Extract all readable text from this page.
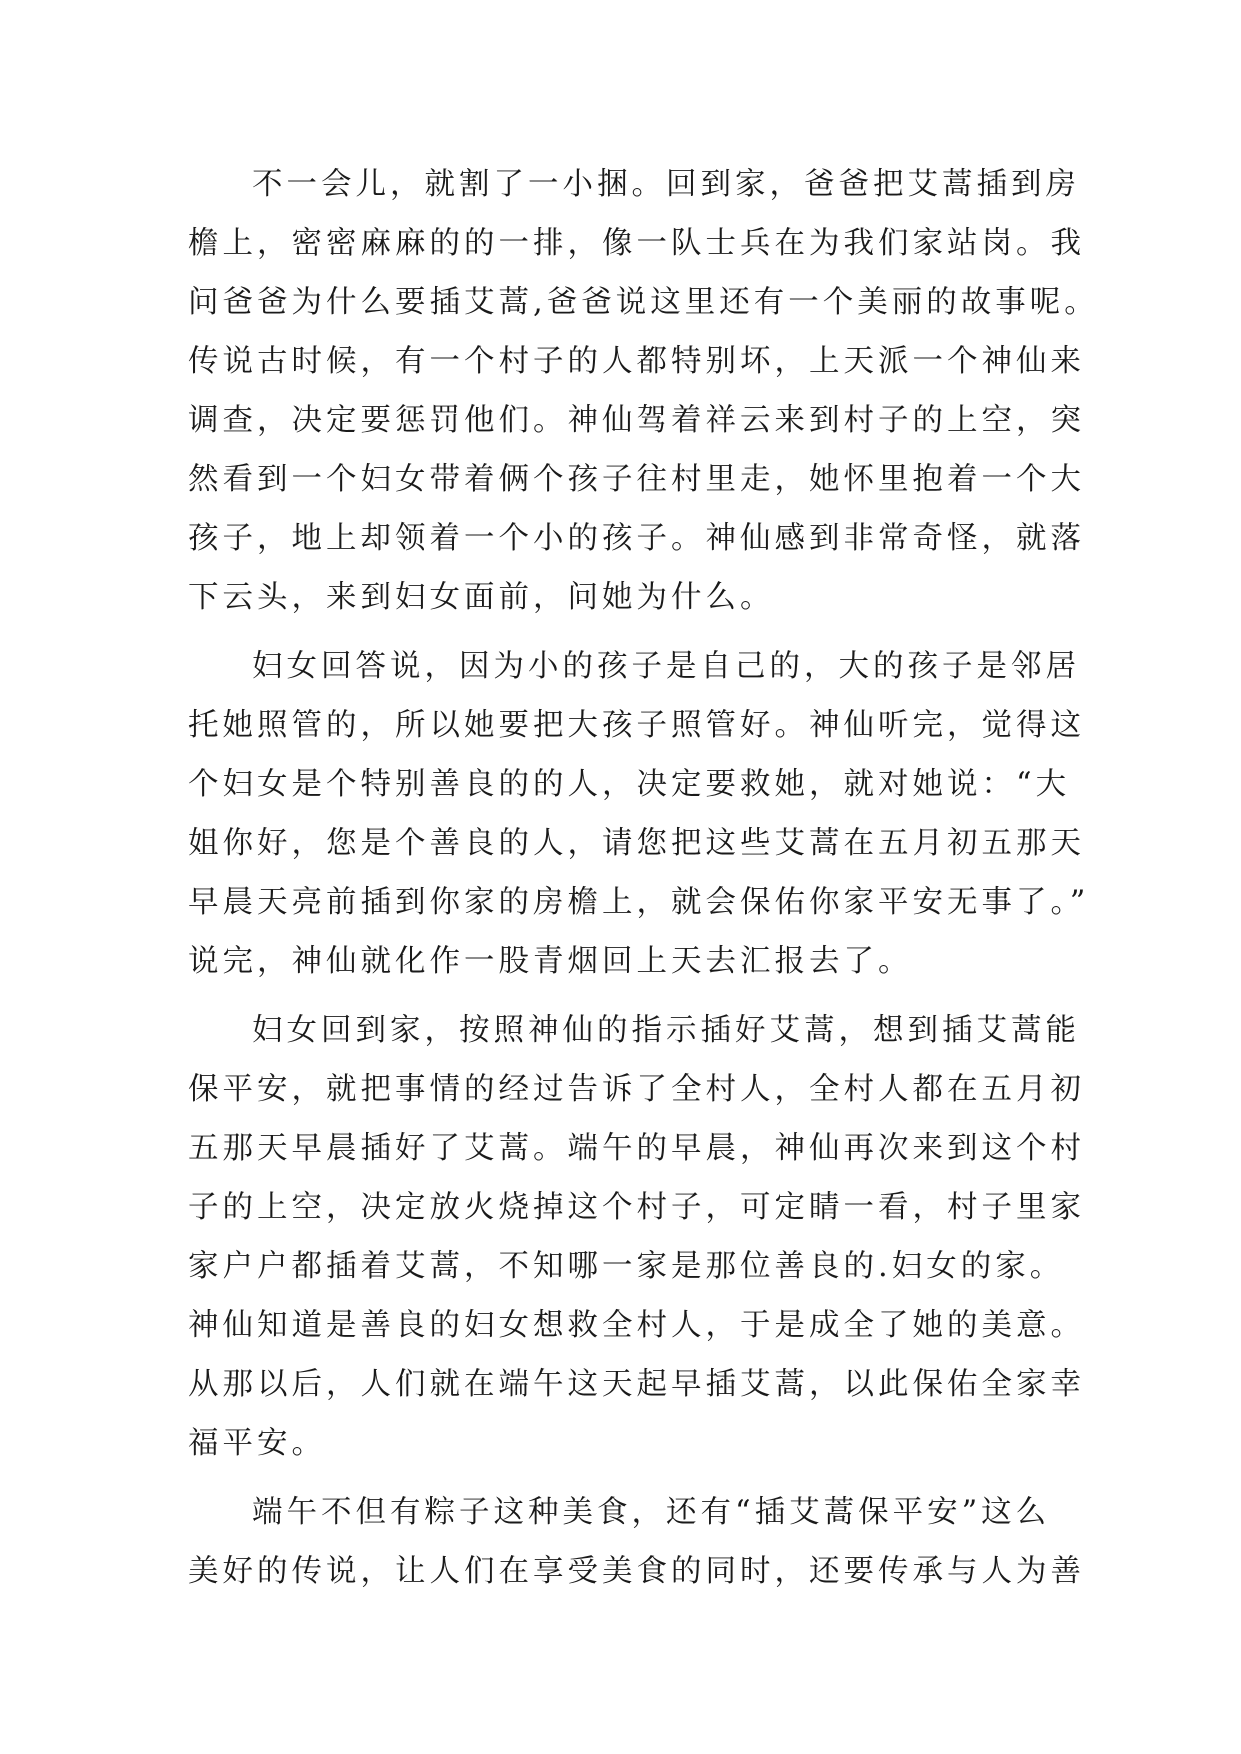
不一会儿，就割了一小捆。回到家，爸爸把艾蒿插到房
檐上，密密麻麻的的一排，像一队士兵在为我们家站岗。我
问爸爸为什么要插艾蒿,爸爸说这里还有一个美丽的故事呢。
传说古时候，有一个村子的人都特别坏，上天派一个神仙来
调查，决定要惩罚他们。神仙驾着祥云来到村子的上空，突
然看到一个妇女带着俩个孩子往村里走，她怀里抱着一个大
孩子，地上却领着一个小的孩子。神仙感到非常奇怪，就落
下云头，来到妇女面前，问她为什么。
妇女回答说，因为小的孩子是自己的，大的孩子是邻居
托她照管的，所以她要把大孩子照管好。神仙听完，觉得这
个妇女是个特别善良的的人，决定要救她，就对她说：“大
姐你好，您是个善良的人，请您把这些艾蒿在五月初五那天
早晨天亮前插到你家的房檐上，就会保佑你家平安无事了。”
说完，神仙就化作一股青烟回上天去汇报去了。
妇女回到家，按照神仙的指示插好艾蒿，想到插艾蒿能
保平安，就把事情的经过告诉了全村人，全村人都在五月初
五那天早晨插好了艾蒿。端午的早晨，神仙再次来到这个村
子的上空，决定放火烧掉这个村子，可定睛一看，村子里家
家户户都插着艾蒿，不知哪一家是那位善良的.妇女的家。
神仙知道是善良的妇女想救全村人，于是成全了她的美意。
从那以后，人们就在端午这天起早插艾蒿，以此保佑全家幸
福平安。
端午不但有粽子这种美食，还有“插艾蒿保平安”这么
美好的传说，让人们在享受美食的同时，还要传承与人为善
